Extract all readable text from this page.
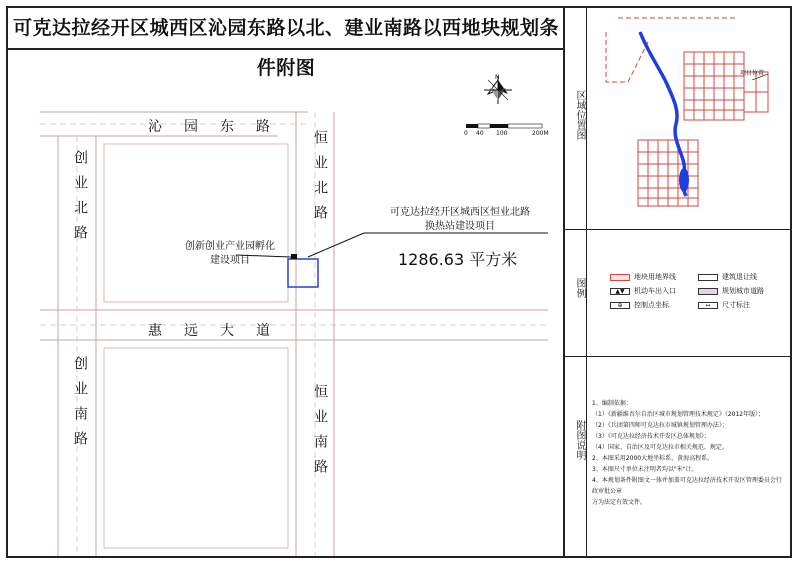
可克达拉经开区城西区沁园东路以北、建业南路以西地块规划条件附图	N
0 40 100	200M
沁园东路
惠远大道
创业北路
创业南路
恒业北路
恒业南路
创新创业产业园孵化
建设项目
可克达拉经开区城西区恒业北路
换热站建设项目
1286.63 平方米
区域位置图
图例
附图说明
项目位置
地块用地界线	建筑退让线
▲▼	机动车出入口	规划城市道路
⊕	控制点坐标	↔	尺寸标注
1、编制依据：
（1）《新疆维吾尔自治区城市规划管理技术规定》（2012年版）；
（2）《兵团第四师可克达拉市城镇规划管理办法》；
（3）《可克达拉经济技术开发区总体规划》；
（4）国家、自治区及可克达拉市相关规范、规定。
2、本图采用2000大地坐标系，黄海高程系。
3、本图尺寸单位未注明者均以"米"计。
4、本规划条件附图文一体并加盖可克达拉经济技术开发区管理委员会行政审批公章
方为法定有效文件。
